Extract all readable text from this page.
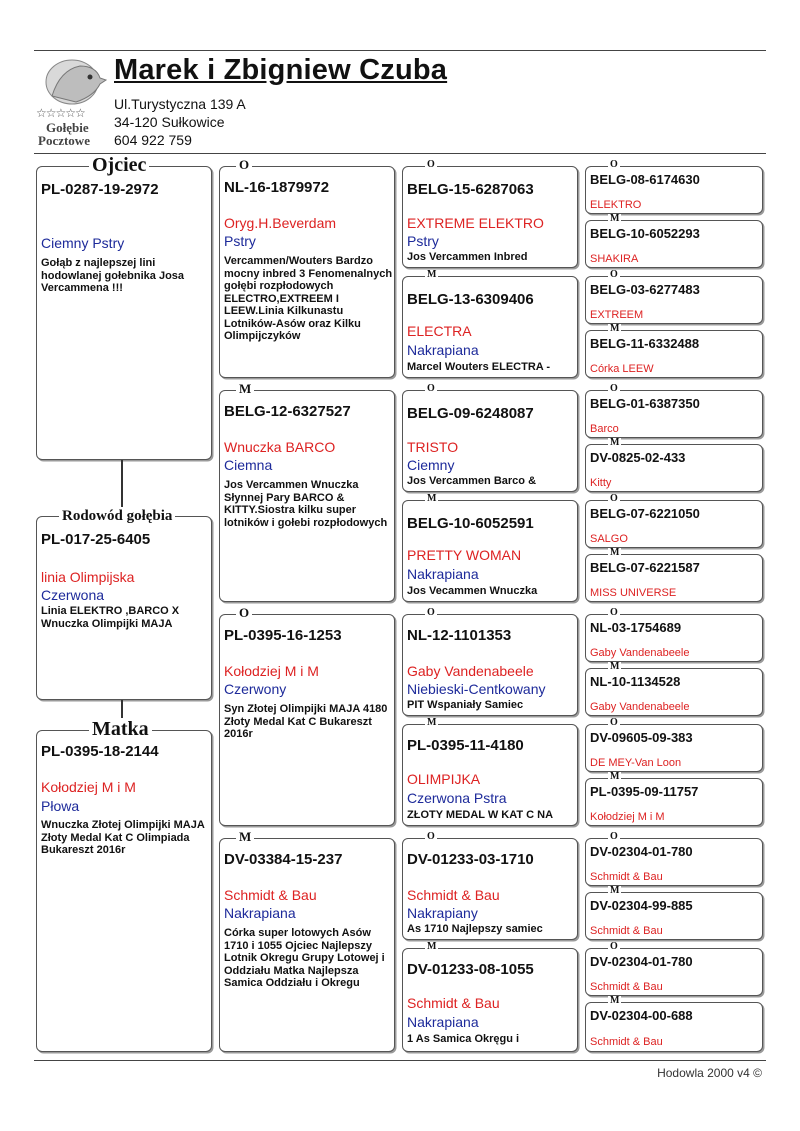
☆☆☆☆☆
Gołębie
Pocztowe
Marek i Zbigniew Czuba
Ul.Turystyczna 139 A
34-120 Sułkowice
604 922 759
Ojciec
PL-0287-19-2972
Ciemny Pstry
Gołąb z najlepszej lini hodowlanej gołebnika Josa Vercammena !!!
Rodowód gołębia
PL-017-25-6405
linia Olimpijska
Czerwona
Linia ELEKTRO ,BARCO X Wnuczka Olimpijki MAJA
Matka
PL-0395-18-2144
Kołodziej M i M
Płowa
Wnuczka Złotej Olimpijki MAJA Złoty Medal Kat C Olimpiada Bukareszt 2016r
O
NL-16-1879972
Oryg.H.Beverdam
Pstry
Vercammen/Wouters Bardzo mocny inbred 3 Fenomenalnych gołębi rozpłodowych ELECTRO,EXTREEM I LEEW.Linia Kilkunastu Lotników-Asów oraz Kilku Olimpijczyków
M
BELG-12-6327527
Wnuczka BARCO
Ciemna
Jos Vercammen Wnuczka Słynnej Pary BARCO & KITTY.Siostra kilku super lotników i gołebi rozpłodowych
O
PL-0395-16-1253
Kołodziej M i M
Czerwony
Syn Złotej Olimpijki MAJA 4180 Złoty Medal Kat C Bukareszt 2016r
M
DV-03384-15-237
Schmidt & Bau
Nakrapiana
Córka super lotowych Asów 1710 i 1055 Ojciec Najlepszy Lotnik Okregu Grupy Lotowej i Oddziału Matka Najlepsza Samica Oddziału i Okregu
O
BELG-15-6287063
EXTREME ELEKTRO
Pstry
Jos Vercammen Inbred
M
BELG-13-6309406
ELECTRA
Nakrapiana
Marcel Wouters ELECTRA -
O
BELG-09-6248087
TRISTO
Ciemny
Jos Vercammen Barco &
M
BELG-10-6052591
PRETTY WOMAN
Nakrapiana
Jos Vecammen Wnuczka
O
NL-12-1101353
Gaby Vandenabeele
Niebieski-Centkowany
PIT Wspaniały Samiec
M
PL-0395-11-4180
OLIMPIJKA
Czerwona Pstra
ZŁOTY MEDAL W KAT C NA
O
DV-01233-03-1710
Schmidt & Bau
Nakrapiany
As 1710 Najlepszy samiec
M
DV-01233-08-1055
Schmidt & Bau
Nakrapiana
1 As Samica Okręgu i
O
BELG-08-6174630
ELEKTRO
M
BELG-10-6052293
SHAKIRA
O
BELG-03-6277483
EXTREEM
M
BELG-11-6332488
Córka LEEW
O
BELG-01-6387350
Barco
M
DV-0825-02-433
Kitty
O
BELG-07-6221050
SALGO
M
BELG-07-6221587
MISS UNIVERSE
O
NL-03-1754689
Gaby Vandenabeele
M
NL-10-1134528
Gaby Vandenabeele
O
DV-09605-09-383
DE MEY-Van Loon
M
PL-0395-09-11757
Kołodziej M i M
O
DV-02304-01-780
Schmidt & Bau
M
DV-02304-99-885
Schmidt & Bau
O
DV-02304-01-780
Schmidt & Bau
M
DV-02304-00-688
Schmidt & Bau
Hodowla 2000 v4 ©
